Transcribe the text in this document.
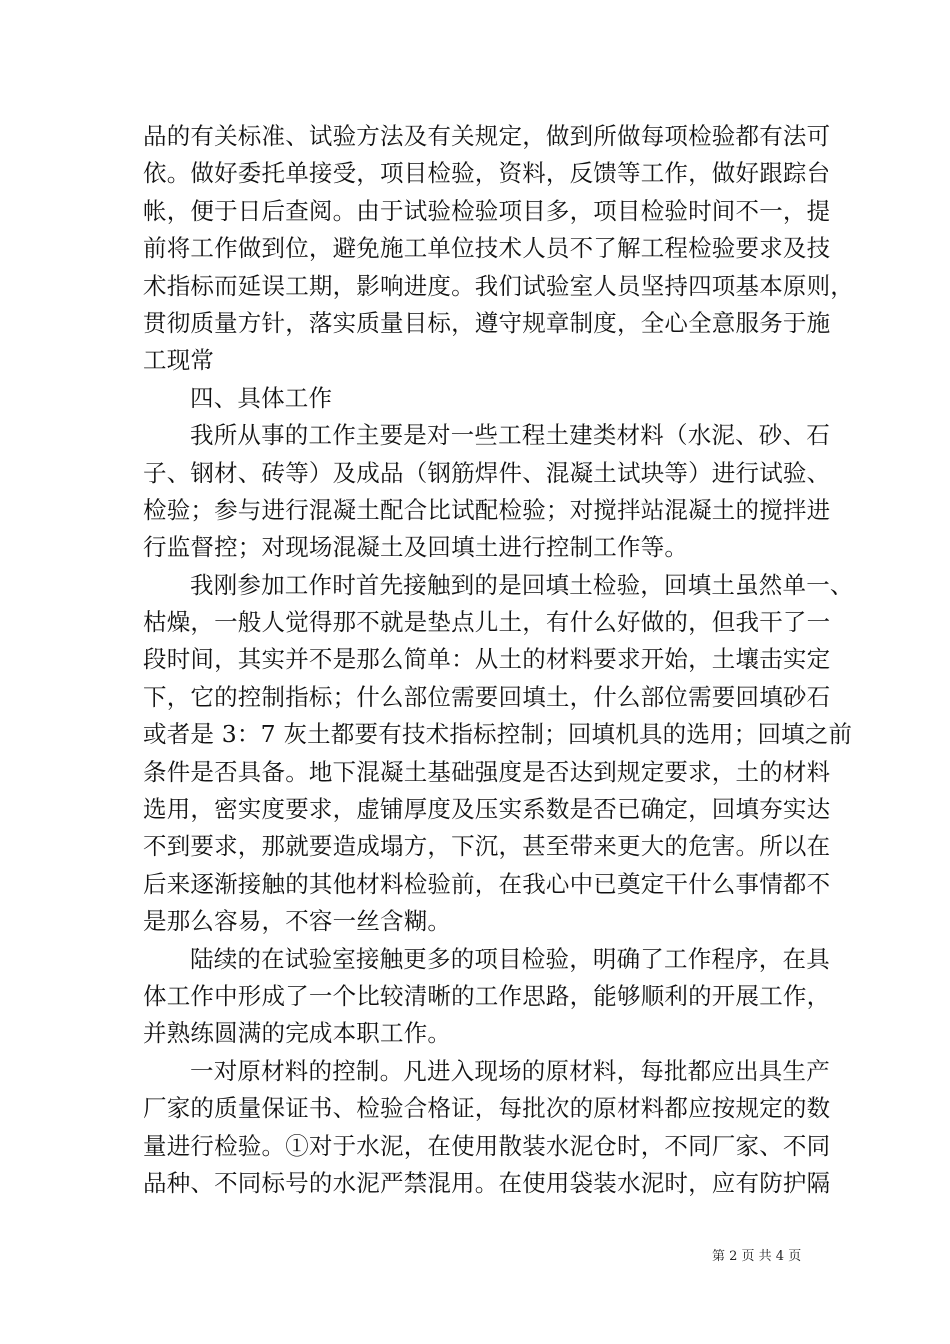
品的有关标准、试验方法及有关规定，做到所做每项检验都有法可
依。做好委托单接受，项目检验，资料，反馈等工作，做好跟踪台
帐，便于日后查阅。由于试验检验项目多，项目检验时间不一，提
前将工作做到位，避免施工单位技术人员不了解工程检验要求及技
术指标而延误工期，影响进度。我们试验室人员坚持四项基本原则，
贯彻质量方针，落实质量目标，遵守规章制度，全心全意服务于施
工现常
四、具体工作
我所从事的工作主要是对一些工程土建类材料（水泥、砂、石
子、钢材、砖等）及成品（钢筋焊件、混凝土试块等）进行试验、
检验；参与进行混凝土配合比试配检验；对搅拌站混凝土的搅拌进
行监督控；对现场混凝土及回填土进行控制工作等。
我刚参加工作时首先接触到的是回填土检验，回填土虽然单一、
枯燥，一般人觉得那不就是垫点儿土，有什么好做的，但我干了一
段时间，其实并不是那么简单：从土的材料要求开始，土壤击实定
下，它的控制指标；什么部位需要回填土，什么部位需要回填砂石
或者是 3：7 灰土都要有技术指标控制；回填机具的选用；回填之前
条件是否具备。地下混凝土基础强度是否达到规定要求，土的材料
选用，密实度要求，虚铺厚度及压实系数是否已确定，回填夯实达
不到要求，那就要造成塌方，下沉，甚至带来更大的危害。所以在
后来逐渐接触的其他材料检验前，在我心中已奠定干什么事情都不
是那么容易，不容一丝含糊。
陆续的在试验室接触更多的项目检验，明确了工作程序，在具
体工作中形成了一个比较清晰的工作思路，能够顺利的开展工作，
并熟练圆满的完成本职工作。
一对原材料的控制。凡进入现场的原材料，每批都应出具生产
厂家的质量保证书、检验合格证，每批次的原材料都应按规定的数
量进行检验。①对于水泥，在使用散装水泥仓时，不同厂家、不同
品种、不同标号的水泥严禁混用。在使用袋装水泥时，应有防护隔
第 2 页 共 4 页
